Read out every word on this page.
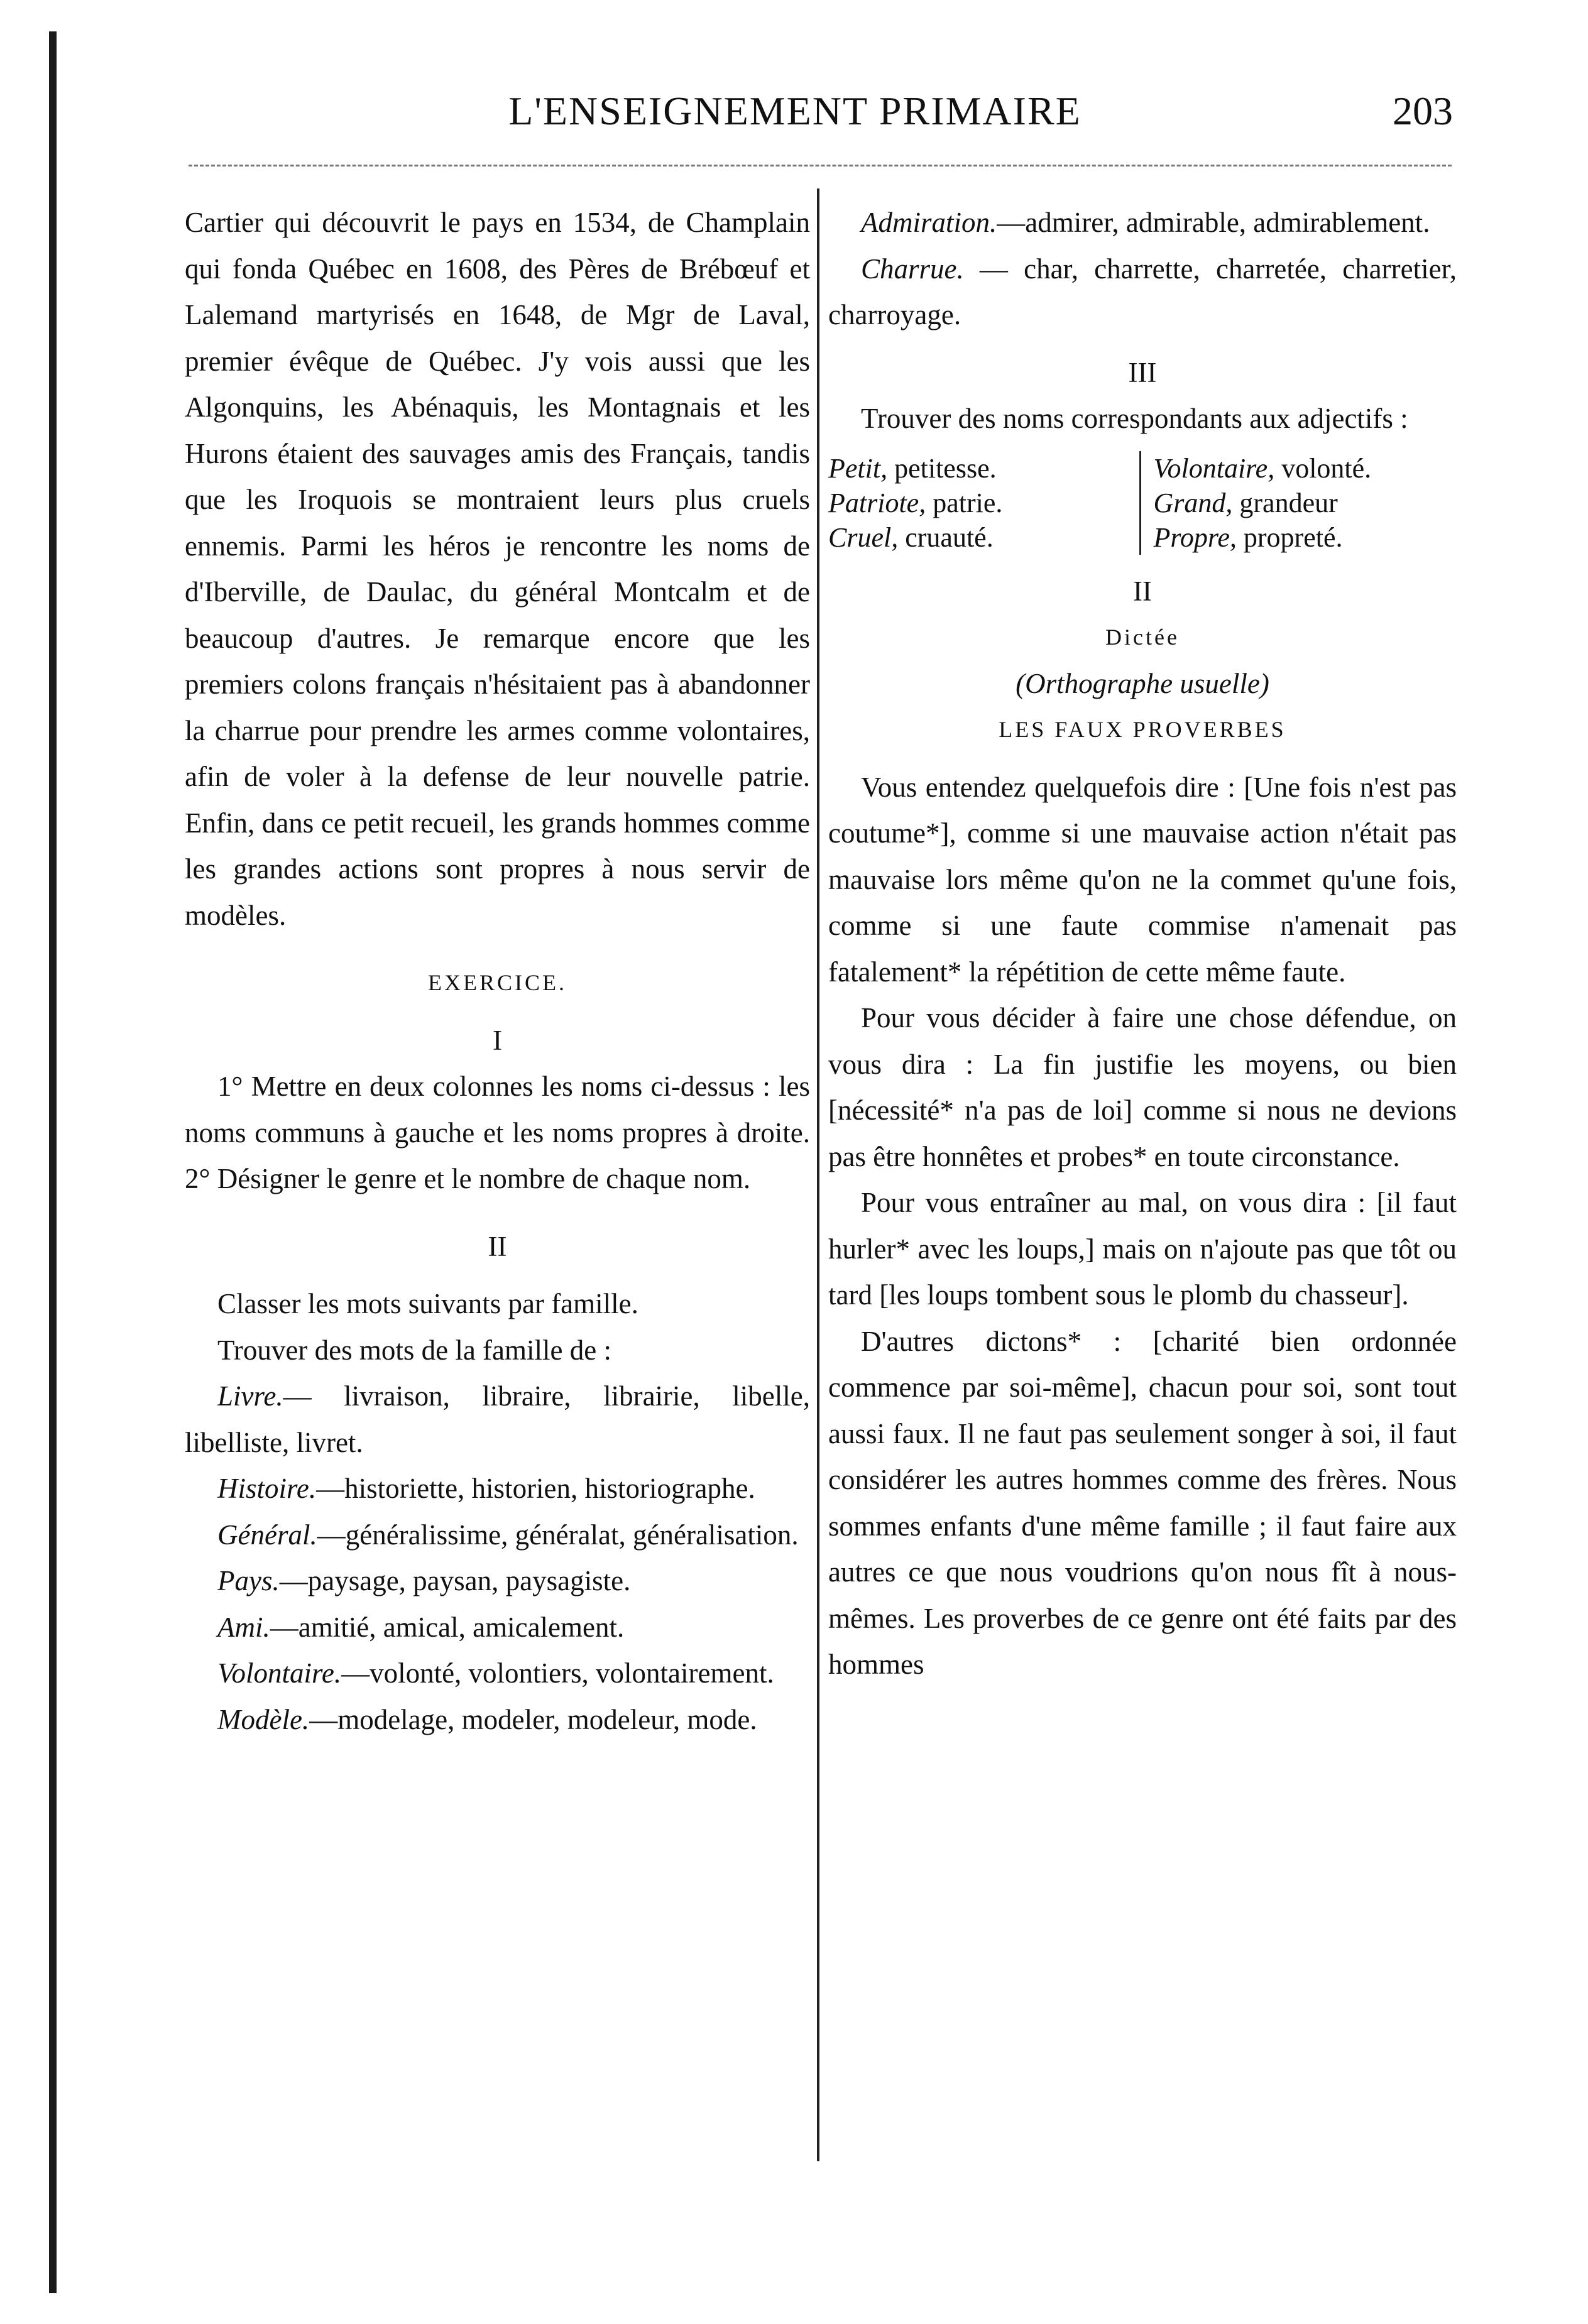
L'ENSEIGNEMENT PRIMAIRE	203

Cartier qui découvrit le pays en 1534, de Champlain qui fonda Québec en 1608, des Pères de Brébœuf et Lalemand martyrisés en 1648, de Mgr de Laval, premier évêque de Québec. J'y vois aussi que les Algonquins, les Abénaquis, les Montagnais et les Hurons étaient des sauvages amis des Français, tandis que les Iroquois se montraient leurs plus cruels ennemis. Parmi les héros je rencontre les noms de d'Iberville, de Daulac, du général Montcalm et de beaucoup d'autres. Je remarque encore que les premiers colons français n'hésitaient pas à abandonner la charrue pour prendre les armes comme volontaires, afin de voler à la defense de leur nouvelle patrie. Enfin, dans ce petit recueil, les grands hommes comme les grandes actions sont propres à nous servir de modèles.

EXERCICE.

I

1° Mettre en deux colonnes les noms ci-dessus : les noms communs à gauche et les noms propres à droite. 2° Désigner le genre et le nombre de chaque nom.

II

Classer les mots suivants par famille.

Trouver des mots de la famille de :

Livre.— livraison, libraire, librairie, libelle, libelliste, livret.

Histoire.—historiette, historien, historiographe.

Général.—généralissime, généralat, généralisation.

Pays.—paysage, paysan, paysagiste.

Ami.—amitié, amical, amicalement.

Volontaire.—volonté, volontiers, volontairement.

Modèle.—modelage, modeler, modeleur, mode.

Admiration.—admirer, admirable, admirablement.

Charrue. — char, charrette, charretée, charretier, charroyage.

III

Trouver des noms correspondants aux adjectifs :

Petit, petitesse.
Patriote, patrie.
Cruel, cruauté.
Volontaire, volonté.
Grand, grandeur
Propre, propreté.

II

Dictée

(Orthographe usuelle)

LES FAUX PROVERBES

Vous entendez quelquefois dire : [Une fois n'est pas coutume*], comme si une mauvaise action n'était pas mauvaise lors même qu'on ne la commet qu'une fois, comme si une faute commise n'amenait pas fatalement* la répétition de cette même faute.

Pour vous décider à faire une chose défendue, on vous dira : La fin justifie les moyens, ou bien [nécessité* n'a pas de loi] comme si nous ne devions pas être honnêtes et probes* en toute circonstance.

Pour vous entraîner au mal, on vous dira : [il faut hurler* avec les loups,] mais on n'ajoute pas que tôt ou tard [les loups tombent sous le plomb du chasseur].

D'autres dictons* : [charité bien ordonnée commence par soi-même], chacun pour soi, sont tout aussi faux. Il ne faut pas seulement songer à soi, il faut considérer les autres hommes comme des frères. Nous sommes enfants d'une même famille ; il faut faire aux autres ce que nous voudrions qu'on nous fît à nous-mêmes. Les proverbes de ce genre ont été faits par des hommes
